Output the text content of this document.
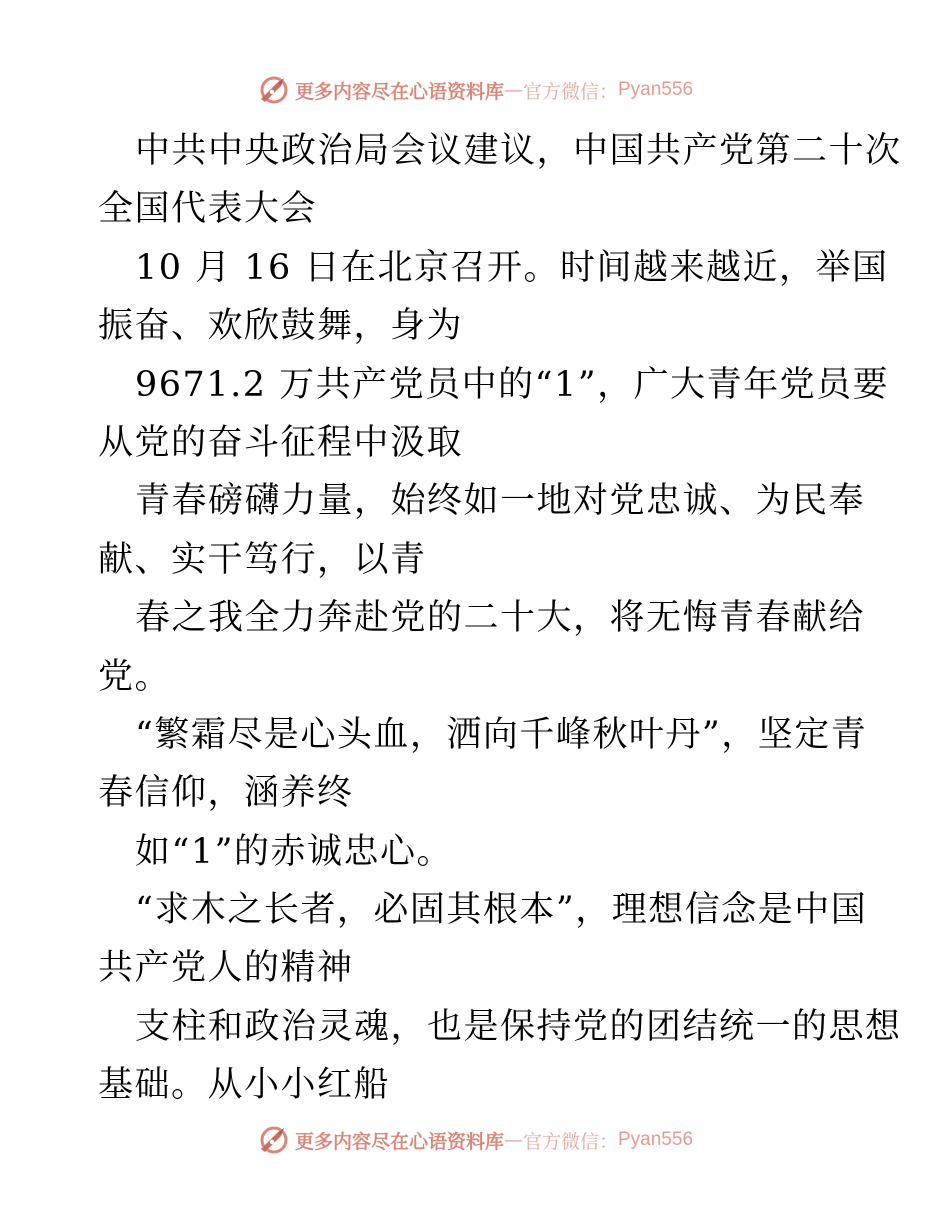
更多内容尽在心语资料库 — 官方微信： Pyan556
中共中央政治局会议建议，中国共产党第二十次
全国代表大会
10 月 16 日在北京召开。时间越来越近，举国
振奋、欢欣鼓舞，身为
9671.2 万共产党员中的“1”，广大青年党员要
从党的奋斗征程中汲取
青春磅礴力量，始终如一地对党忠诚、为民奉
献、实干笃行，以青
春之我全力奔赴党的二十大，将无悔青春献给
党。
“繁霜尽是心头血，洒向千峰秋叶丹”，坚定青
春信仰，涵养终
如“1”的赤诚忠心。
“求木之长者，必固其根本”，理想信念是中国
共产党人的精神
支柱和政治灵魂，也是保持党的团结统一的思想
基础。从小小红船
更多内容尽在心语资料库 — 官方微信： Pyan556
